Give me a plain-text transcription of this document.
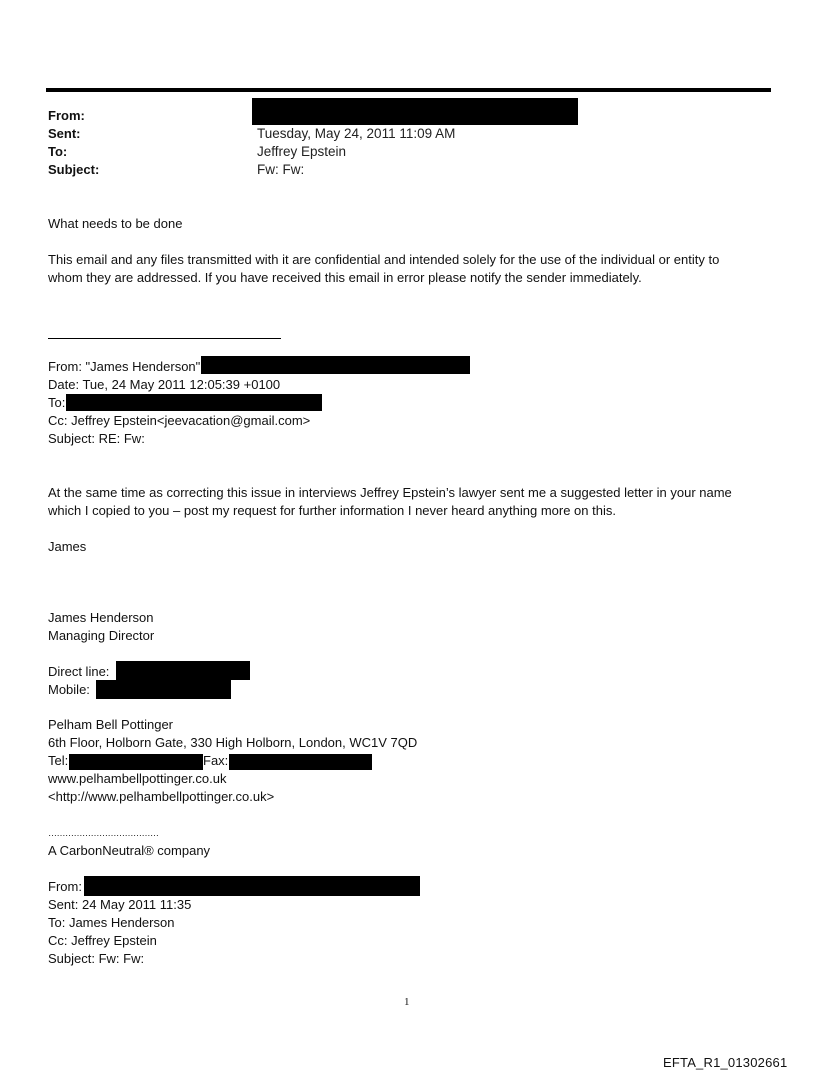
From:
Sent:	Tuesday, May 24, 2011 11:09 AM
To:	Jeffrey Epstein
Subject:	Fw: Fw:
What needs to be done
This email and any files transmitted with it are confidential and intended solely for the use of the individual or entity to
whom they are addressed. If you have received this email in error please notify the sender immediately.
From: "James Henderson"
Date: Tue, 24 May 2011 12:05:39 +0100
To:
Cc: Jeffrey Epstein<jeevacation@gmail.com>
Subject: RE: Fw:
At the same time as correcting this issue in interviews Jeffrey Epstein’s lawyer sent me a suggested letter in your name
which I copied to you – post my request for further information I never heard anything more on this.
James
James Henderson
Managing Director
Direct line:
Mobile:
Pelham Bell Pottinger
6th Floor, Holborn Gate, 330 High Holborn, London, WC1V 7QD
Tel:	Fax:
www.pelhambellpottinger.co.uk
<http://www.pelhambellpottinger.co.uk>
…………………………………
A CarbonNeutral® company
From:
Sent: 24 May 2011 11:35
To: James Henderson
Cc: Jeffrey Epstein
Subject: Fw: Fw:
1
EFTA_R1_01302661
